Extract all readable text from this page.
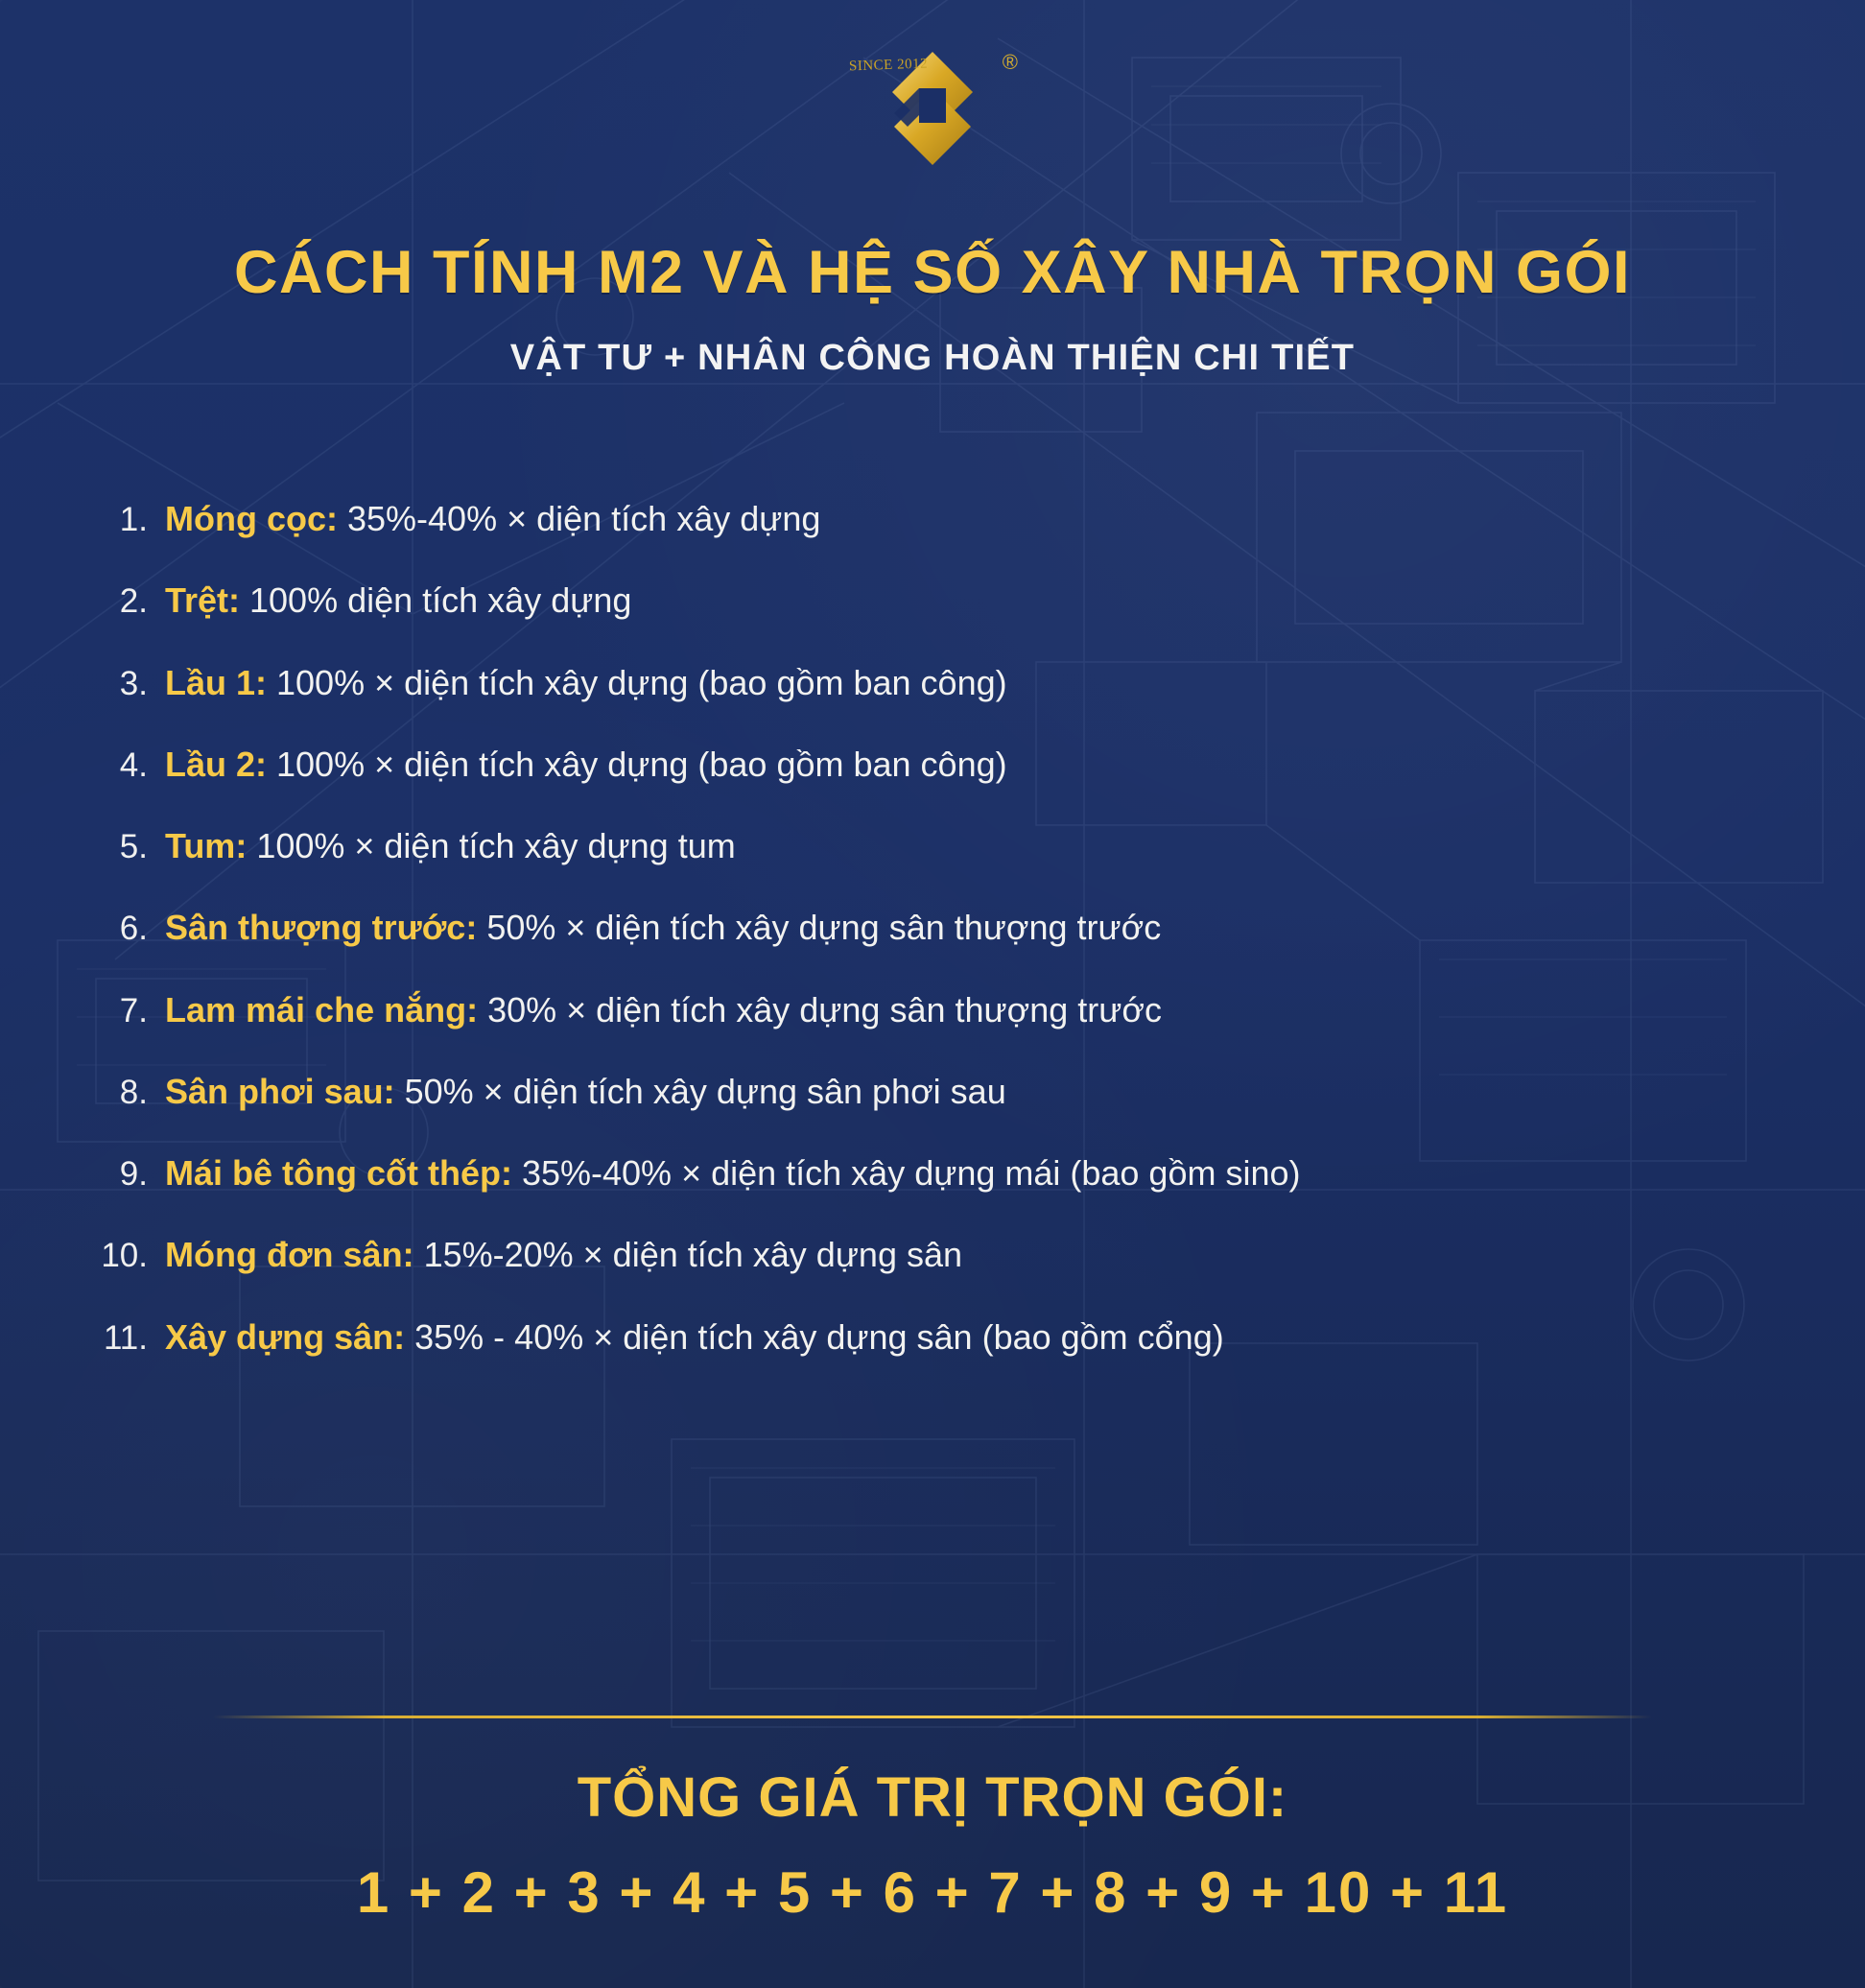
SINCE 2012	®
CÁCH TÍNH M2 VÀ HỆ SỐ XÂY NHÀ TRỌN GÓI
VẬT TƯ + NHÂN CÔNG HOÀN THIỆN CHI TIẾT
1. Móng cọc: 35%-40% × diện tích xây dựng
2. Trệt: 100% diện tích xây dựng
3. Lầu 1: 100% × diện tích xây dựng (bao gồm ban công)
4. Lầu 2: 100% × diện tích xây dựng (bao gồm ban công)
5. Tum: 100% × diện tích xây dựng tum
6. Sân thượng trước: 50% × diện tích xây dựng sân thượng trước
7. Lam mái che nắng: 30% × diện tích xây dựng sân thượng trước
8. Sân phơi sau: 50% × diện tích xây dựng sân phơi sau
9. Mái bê tông cốt thép: 35%-40% × diện tích xây dựng mái (bao gồm sino)
10. Móng đơn sân: 15%-20% × diện tích xây dựng sân
11. Xây dựng sân: 35% - 40% × diện tích xây dựng sân (bao gồm cổng)
TỔNG GIÁ TRỊ TRỌN GÓI:
1 + 2 + 3 + 4 + 5 + 6 + 7 + 8 + 9 + 10 + 11
